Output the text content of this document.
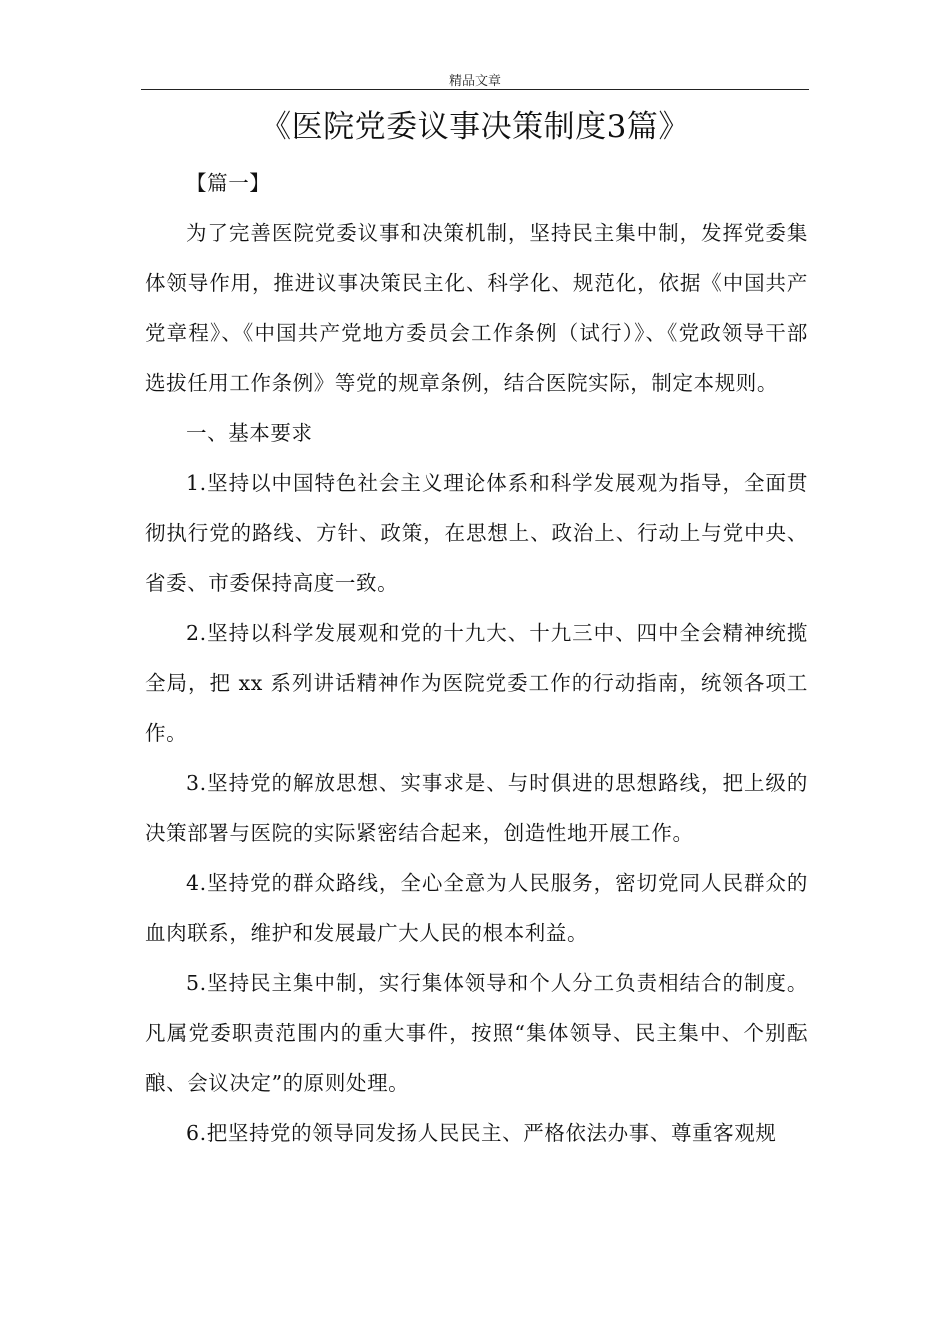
精品文章
《医院党委议事决策制度3篇》

【篇一】

为了完善医院党委议事和决策机制，坚持民主集中制，发挥党委集体领导作用，推进议事决策民主化、科学化、规范化，依据《中国共产党章程》、《中国共产党地方委员会工作条例（试行）》、《党政领导干部选拔任用工作条例》等党的规章条例，结合医院实际，制定本规则。

一、基本要求

1.坚持以中国特色社会主义理论体系和科学发展观为指导，全面贯彻执行党的路线、方针、政策，在思想上、政治上、行动上与党中央、省委、市委保持高度一致。

2.坚持以科学发展观和党的十九大、十九三中、四中全会精神统揽全局，把 xx 系列讲话精神作为医院党委工作的行动指南，统领各项工作。

3.坚持党的解放思想、实事求是、与时俱进的思想路线，把上级的决策部署与医院的实际紧密结合起来，创造性地开展工作。

4.坚持党的群众路线，全心全意为人民服务，密切党同人民群众的血肉联系，维护和发展最广大人民的根本利益。

5.坚持民主集中制，实行集体领导和个人分工负责相结合的制度。凡属党委职责范围内的重大事件，按照“集体领导、民主集中、个别酝酿、会议决定”的原则处理。

6.把坚持党的领导同发扬人民民主、严格依法办事、尊重客观规
